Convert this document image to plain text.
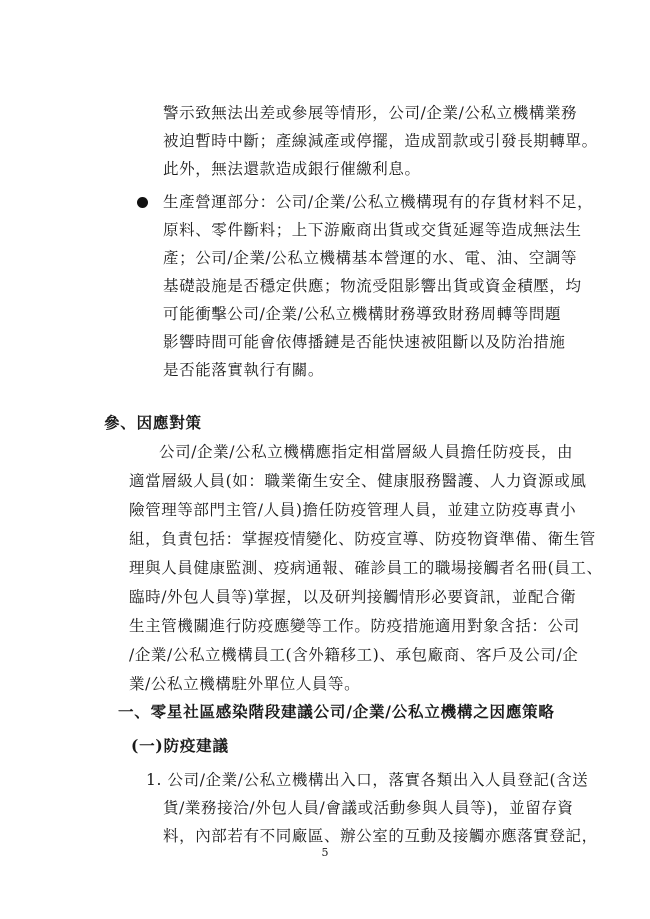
警示致無法出差或參展等情形，公司/企業/公私立機構業務
被迫暫時中斷；產線減產或停擺，造成罰款或引發長期轉單。
此外，無法還款造成銀行催繳利息。
生產營運部分：公司/企業/公私立機構現有的存貨材料不足，
原料、零件斷料；上下游廠商出貨或交貨延遲等造成無法生
產；公司/企業/公私立機構基本營運的水、電、油、空調等
基礎設施是否穩定供應；物流受阻影響出貨或資金積壓，均
可能衝擊公司/企業/公私立機構財務導致財務周轉等問題
影響時間可能會依傳播鏈是否能快速被阻斷以及防治措施
是否能落實執行有關。
參、因應對策
公司/企業/公私立機構應指定相當層級人員擔任防疫長，由
適當層級人員(如：職業衛生安全、健康服務醫護、人力資源或風
險管理等部門主管/人員)擔任防疫管理人員，並建立防疫專責小
組，負責包括：掌握疫情變化、防疫宣導、防疫物資準備、衛生管
理與人員健康監測、疫病通報、確診員工的職場接觸者名冊(員工、
臨時/外包人員等)掌握，以及研判接觸情形必要資訊，並配合衛
生主管機關進行防疫應變等工作。防疫措施適用對象含括：公司
/企業/公私立機構員工(含外籍移工)、承包廠商、客戶及公司/企
業/公私立機構駐外單位人員等。
一、零星社區感染階段建議公司/企業/公私立機構之因應策略
(一)防疫建議
1. 公司/企業/公私立機構出入口，落實各類出入人員登記(含送
貨/業務接洽/外包人員/會議或活動參與人員等)，並留存資
料，內部若有不同廠區、辦公室的互動及接觸亦應落實登記，
5
